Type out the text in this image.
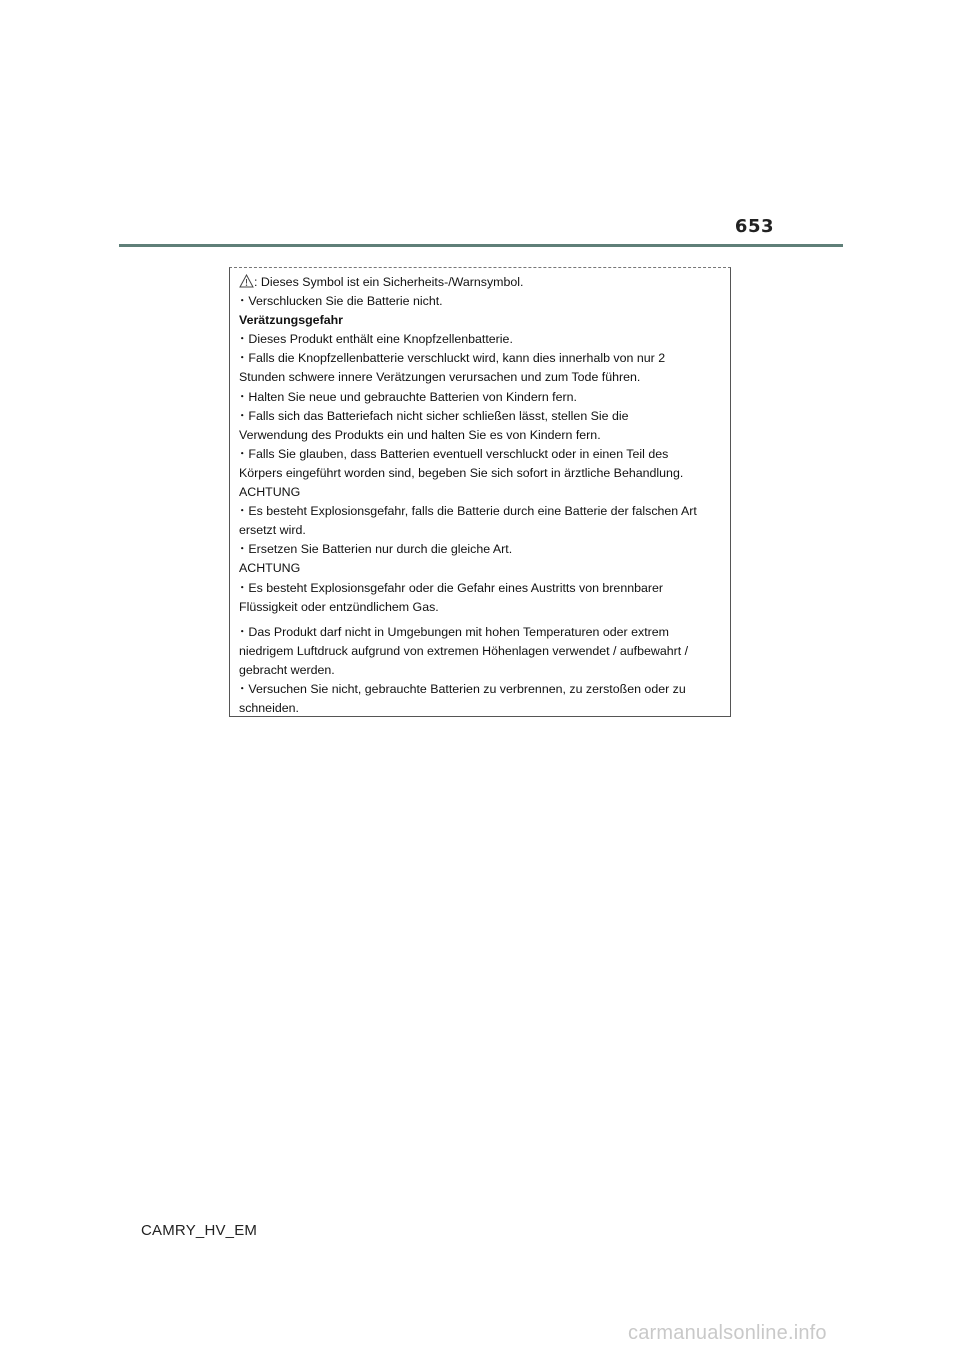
653
: Dieses Symbol ist ein Sicherheits-/Warnsymbol.
・ Verschlucken Sie die Batterie nicht.
Verätzungsgefahr
・ Dieses Produkt enthält eine Knopfzellenbatterie.
・ Falls die Knopfzellenbatterie verschluckt wird, kann dies innerhalb von nur 2
Stunden schwere innere Verätzungen verursachen und zum Tode führen.
・ Halten Sie neue und gebrauchte Batterien von Kindern fern.
・ Falls sich das Batteriefach nicht sicher schließen lässt, stellen Sie die
Verwendung des Produkts ein und halten Sie es von Kindern fern.
・ Falls Sie glauben, dass Batterien eventuell verschluckt oder in einen Teil des
Körpers eingeführt worden sind, begeben Sie sich sofort in ärztliche Behandlung.
ACHTUNG
・ Es besteht Explosionsgefahr, falls die Batterie durch eine Batterie der falschen Art
ersetzt wird.
・ Ersetzen Sie Batterien nur durch die gleiche Art.
ACHTUNG
・ Es besteht Explosionsgefahr oder die Gefahr eines Austritts von brennbarer
Flüssigkeit oder entzündlichem Gas.
・ Das Produkt darf nicht in Umgebungen mit hohen Temperaturen oder extrem
niedrigem Luftdruck aufgrund von extremen Höhenlagen verwendet / aufbewahrt /
gebracht werden.
・ Versuchen Sie nicht, gebrauchte Batterien zu verbrennen, zu zerstoßen oder zu
schneiden.
CAMRY_HV_EM
carmanualsonline.info
